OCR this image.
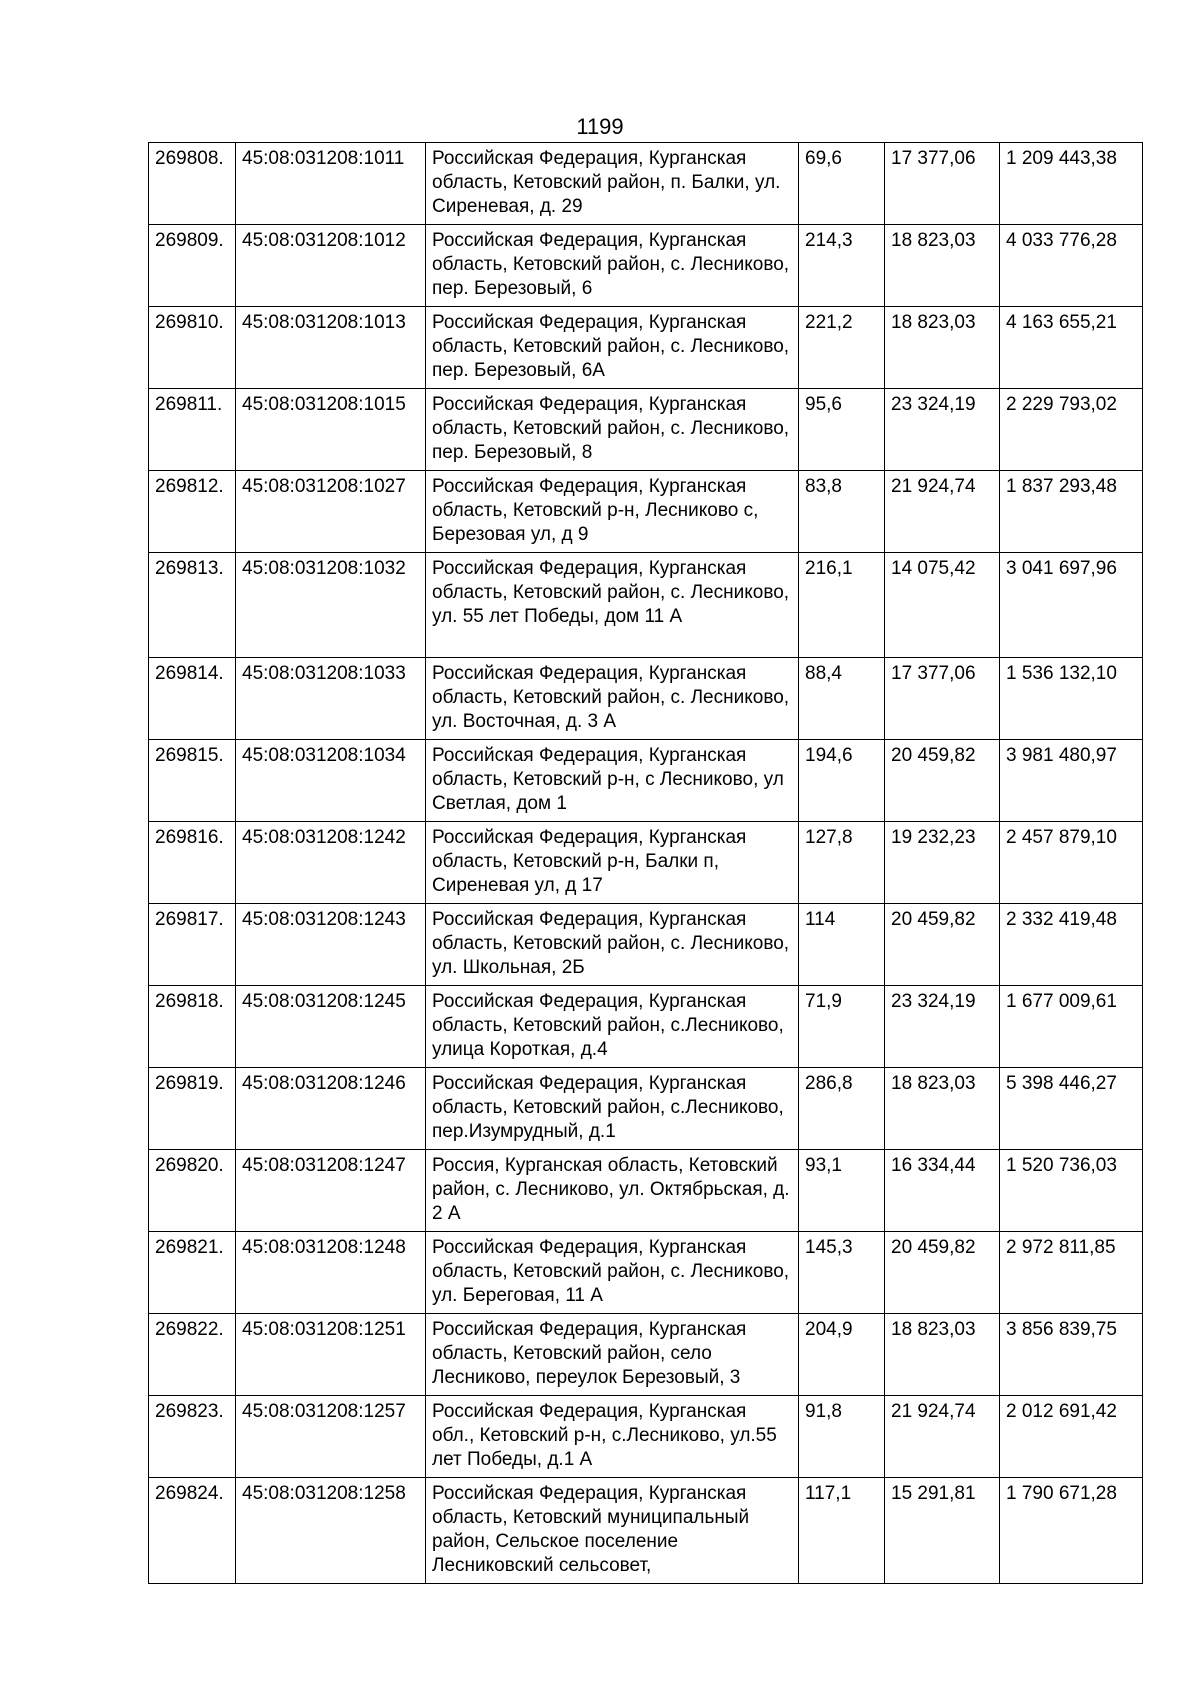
1199
269808.	45:08:031208:1011	Российская Федерация, Курганская область, Кетовский район, п. Балки, ул. Сиреневая, д. 29	69,6	17 377,06	1 209 443,38
269809.	45:08:031208:1012	Российская Федерация, Курганская область, Кетовский район, с. Лесниково, пер. Березовый, 6	214,3	18 823,03	4 033 776,28
269810.	45:08:031208:1013	Российская Федерация, Курганская область, Кетовский район, с. Лесниково, пер. Березовый, 6А	221,2	18 823,03	4 163 655,21
269811.	45:08:031208:1015	Российская Федерация, Курганская область, Кетовский район, с. Лесниково, пер. Березовый, 8	95,6	23 324,19	2 229 793,02
269812.	45:08:031208:1027	Российская Федерация, Курганская область, Кетовский р-н, Лесниково с, Березовая ул, д 9	83,8	21 924,74	1 837 293,48
269813.	45:08:031208:1032	Российская Федерация, Курганская область, Кетовский район, с. Лесниково, ул. 55 лет Победы, дом 11 А	216,1	14 075,42	3 041 697,96
269814.	45:08:031208:1033	Российская Федерация, Курганская область, Кетовский район, с. Лесниково, ул. Восточная, д. 3 А	88,4	17 377,06	1 536 132,10
269815.	45:08:031208:1034	Российская Федерация, Курганская область, Кетовский р-н, с Лесниково, ул Светлая, дом 1	194,6	20 459,82	3 981 480,97
269816.	45:08:031208:1242	Российская Федерация, Курганская область, Кетовский р-н, Балки п, Сиреневая ул, д 17	127,8	19 232,23	2 457 879,10
269817.	45:08:031208:1243	Российская Федерация, Курганская область, Кетовский район, с. Лесниково, ул. Школьная, 2Б	114	20 459,82	2 332 419,48
269818.	45:08:031208:1245	Российская Федерация, Курганская область, Кетовский район, с.Лесниково, улица Короткая, д.4	71,9	23 324,19	1 677 009,61
269819.	45:08:031208:1246	Российская Федерация, Курганская область, Кетовский район, с.Лесниково, пер.Изумрудный, д.1	286,8	18 823,03	5 398 446,27
269820.	45:08:031208:1247	Россия, Курганская область, Кетовский район, с. Лесниково, ул. Октябрьская, д. 2 А	93,1	16 334,44	1 520 736,03
269821.	45:08:031208:1248	Российская Федерация, Курганская область, Кетовский район, с. Лесниково, ул. Береговая, 11 А	145,3	20 459,82	2 972 811,85
269822.	45:08:031208:1251	Российская Федерация, Курганская область, Кетовский район, село Лесниково, переулок Березовый, 3	204,9	18 823,03	3 856 839,75
269823.	45:08:031208:1257	Российская Федерация, Курганская обл., Кетовский р-н, с.Лесниково, ул.55 лет Победы, д.1 А	91,8	21 924,74	2 012 691,42
269824.	45:08:031208:1258	Российская Федерация, Курганская область, Кетовский муниципальный район, Сельское поселение Лесниковский сельсовет,	117,1	15 291,81	1 790 671,28
